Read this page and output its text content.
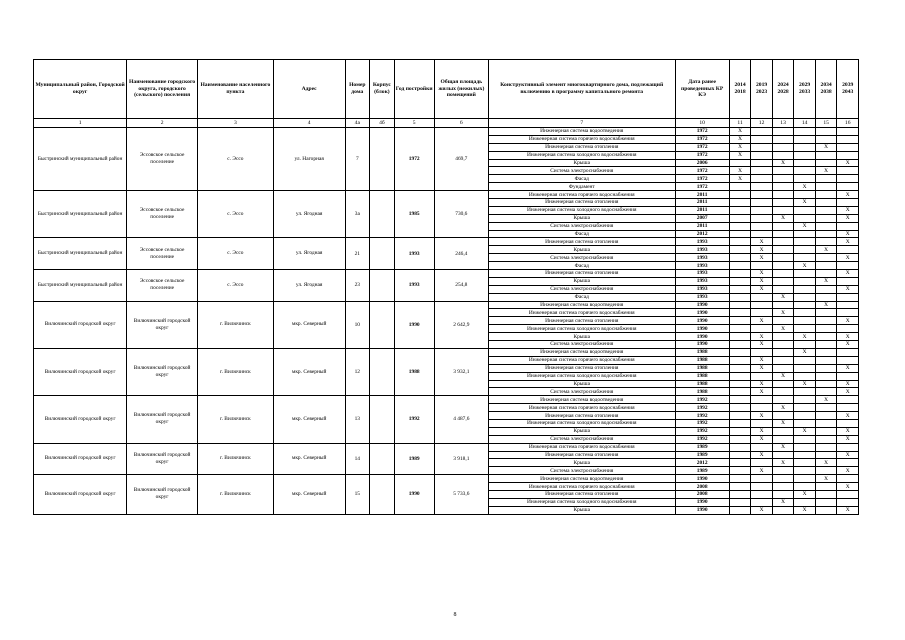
Муниципальный район, Городской округ	Наименование городского округа, городского (сельского) поселения	Наименование населенного пункта	Адрес	Номер дома	Корпус (блок)	Год постройки	Общая площадь жилых (нежилых) помещений	Конструктивный элемент многоквартирного дома, подлежащий включению в программу капитального ремонта	Дата ранее проведенных КР КЭ	2014 2018	2019 2023	2024 2028	2029 2033	2034 2038	2039 2043
1	2	3	4	4а	4б	5	6	7	10	11	12	13	14	15	16
Быстринский муниципальный район	Эссовское сельское поселение	с. Эссо	ул. Нагорная	7		1972	469,7	Инженерная система водоотведения	1972	X					
								Инженерная система горячего водоснабжения	1972	X					
								Инженерная система отопления	1972	X				X	
								Инженерная система холодного водоснабжения	1972	X					
								Крыша	2006			X			X
								Система электроснабжения	1972	X				X	
								Фасад	1972	X					
								Фундамент	1972				X		
Быстринский муниципальный район	Эссовское сельское поселение	с. Эссо	ул. Ягодная	3а		1985	730,6	Инженерная система горячего водоснабжения	2011						X
								Инженерная система отопления	2011				X		
								Инженерная система холодного водоснабжения	2011						X
								Крыша	2007			X			X
								Система электроснабжения	2011				X		
								Фасад	2012						X
Быстринский муниципальный район	Эссовское сельское поселение	с. Эссо	ул. Ягодная	21		1993	246,4	Инженерная система отопления	1993		X				X
								Крыша	1993		X			X	
								Система электроснабжения	1993		X				X
								Фасад	1993				X		
Быстринский муниципальный район	Эссовское сельское поселение	с. Эссо	ул. Ягодная	23		1993	254,8	Инженерная система отопления	1993		X				X
								Крыша	1993		X			X	
								Система электроснабжения	1993		X				X
								Фасад	1993			X			
Вилючинский городской округ	Вилючинский городской округ	г. Вилючинск	мкр. Северный	10		1990	2 642,9	Инженерная система водоотведения	1990					X	
								Инженерная система горячего водоснабжения	1990			X			
								Инженерная система отопления	1990		X				X
								Инженерная система холодного водоснабжения	1990			X			
								Крыша	1990		X		X		X
								Система электроснабжения	1990		X				X
Вилючинский городской округ	Вилючинский городской округ	г. Вилючинск	мкр. Северный	12		1988	3 932,1	Инженерная система водоотведения	1988				X		
								Инженерная система горячего водоснабжения	1988		X				
								Инженерная система отопления	1988		X				X
								Инженерная система холодного водоснабжения	1988			X			
								Крыша	1988		X		X		X
								Система электроснабжения	1988		X				X
Вилючинский городской округ	Вилючинский городской округ	г. Вилючинск	мкр. Северный	13		1992	4 487,6	Инженерная система водоотведения	1992					X	
								Инженерная система горячего водоснабжения	1992			X			
								Инженерная система отопления	1992		X				X
								Инженерная система холодного водоснабжения	1992			X			
								Крыша	1992		X		X		X
								Система электроснабжения	1992		X				X
Вилючинский городской округ	Вилючинский городской округ	г. Вилючинск	мкр. Северный	14		1989	3 918,1	Инженерная система горячего водоснабжения	1989			X			
								Инженерная система отопления	1989		X				X
								Крыша	2012			X		X	
								Система электроснабжения	1989		X				X
Вилючинский городской округ	Вилючинский городской округ	г. Вилючинск	мкр. Северный	15		1990	5 733,6	Инженерная система водоотведения	1990					X	
								Инженерная система горячего водоснабжения	2008						X
								Инженерная система отопления	2008				X		
								Инженерная система холодного водоснабжения	1990			X			
								Крыша	1990		X		X		X
8
